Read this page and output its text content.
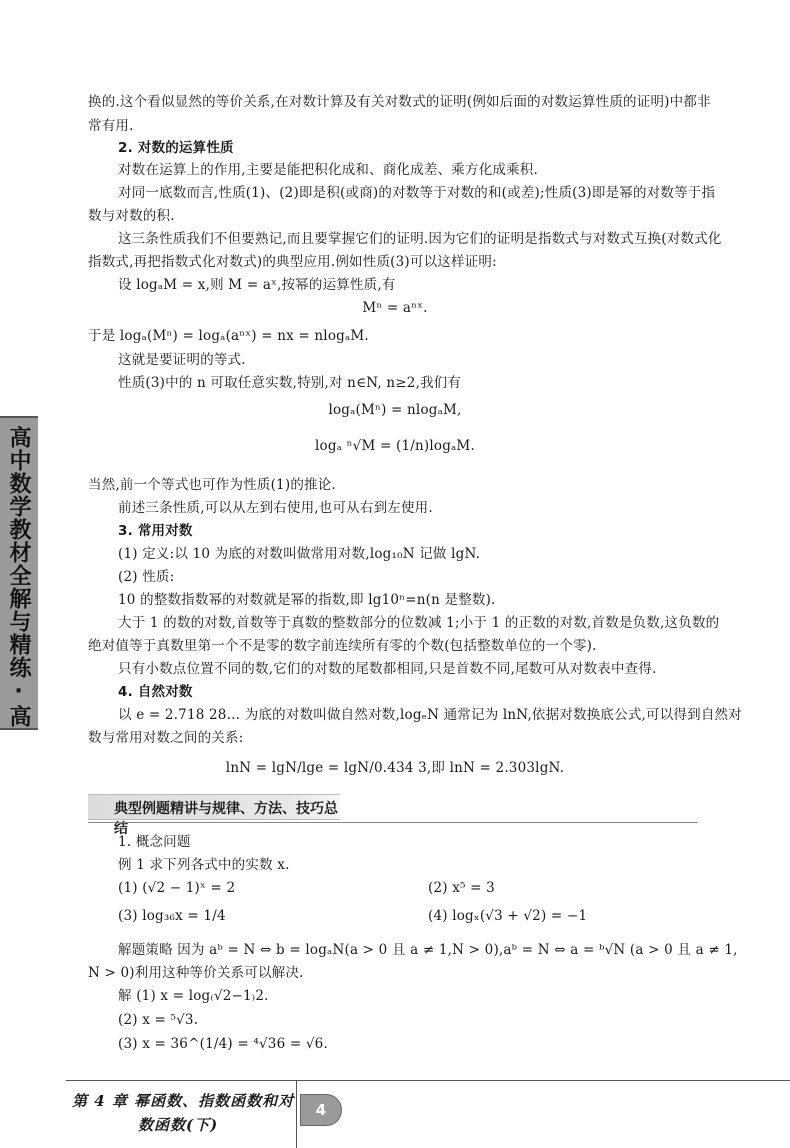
高中数学教材全解与精练·高
换的.这个看似显然的等价关系,在对数计算及有关对数式的证明(例如后面的对数运算性质的证明)中都非
常有用.
2. 对数的运算性质
对数在运算上的作用,主要是能把积化成和、商化成差、乘方化成乘积.
对同一底数而言,性质(1)、(2)即是积(或商)的对数等于对数的和(或差);性质(3)即是幂的对数等于指
数与对数的积.
这三条性质我们不但要熟记,而且要掌握它们的证明.因为它们的证明是指数式与对数式互换(对数式化
指数式,再把指数式化对数式)的典型应用.例如性质(3)可以这样证明:
设 logₐM = x,则 M = aˣ,按幂的运算性质,有
Mⁿ = aⁿˣ.
于是 logₐ(Mⁿ) = logₐ(aⁿˣ) = nx = nlogₐM.
这就是要证明的等式.
性质(3)中的 n 可取任意实数,特别,对 n∈N, n≥2,我们有
logₐ(Mⁿ) = nlogₐM,
logₐ ⁿ√M = (1/n)logₐM.
当然,前一个等式也可作为性质(1)的推论.
前述三条性质,可以从左到右使用,也可从右到左使用.
3. 常用对数
(1) 定义:以 10 为底的对数叫做常用对数,log₁₀N 记做 lgN.
(2) 性质:
10 的整数指数幂的对数就是幂的指数,即 lg10ⁿ=n(n 是整数).
大于 1 的数的对数,首数等于真数的整数部分的位数减 1;小于 1 的正数的对数,首数是负数,这负数的
绝对值等于真数里第一个不是零的数字前连续所有零的个数(包括整数单位的一个零).
只有小数点位置不同的数,它们的对数的尾数都相同,只是首数不同,尾数可从对数表中查得.
4. 自然对数
以 e = 2.718 28… 为底的对数叫做自然对数,logₑN 通常记为 lnN,依据对数换底公式,可以得到自然对
数与常用对数之间的关系:
lnN = lgN/lge = lgN/0.434 3,即 lnN = 2.303lgN.
典型例题精讲与规律、方法、技巧总结
1. 概念问题
例 1 求下列各式中的实数 x.
(1) (√2 − 1)ˣ = 2	(2) x⁵ = 3
(3) log₃₆x = 1/4	(4) logₓ(√3 + √2) = −1
解题策略 因为 aᵇ = N ⇔ b = logₐN(a > 0 且 a ≠ 1,N > 0),aᵇ = N ⇔ a = ᵇ√N (a > 0 且 a ≠ 1,
N > 0)利用这种等价关系可以解决.
解 (1) x = log₍√2−1₎2.
(2) x = ⁵√3.
(3) x = 36^(1/4) = ⁴√36 = √6.
第 4 章 幂函数、指数函数和对
数函数(下)
4
